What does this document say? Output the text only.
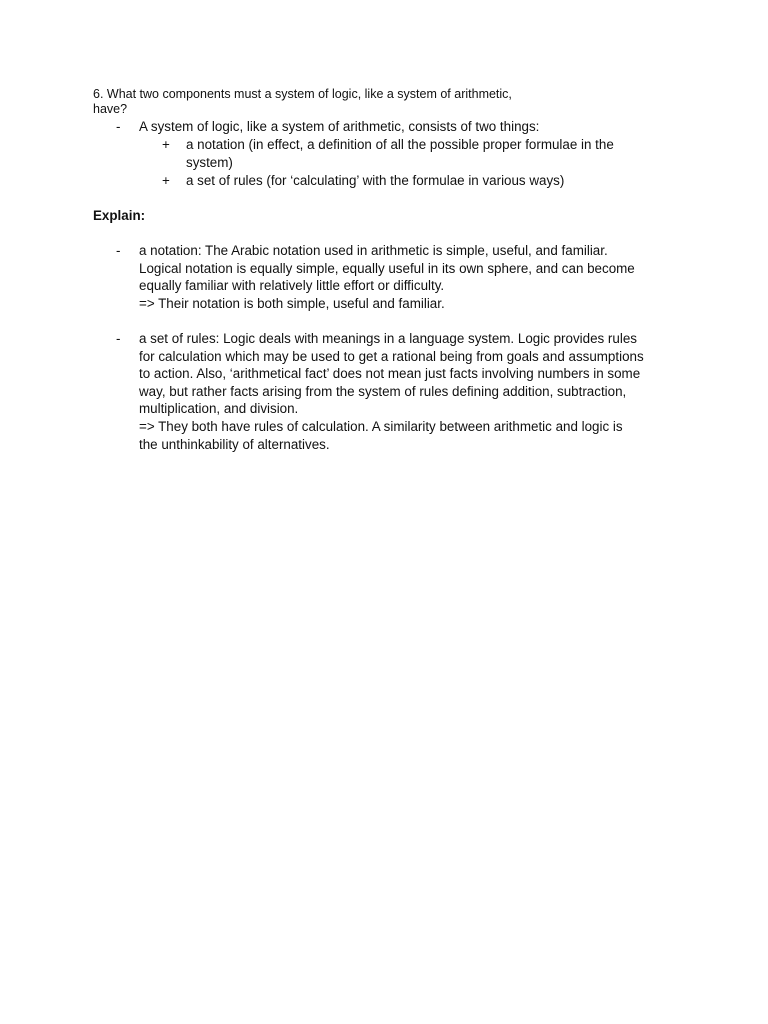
6. What two components must a system of logic, like a system of arithmetic,
have?
- A system of logic, like a system of arithmetic, consists of two things:
+ a notation (in effect, a definition of all the possible proper formulae in the
system)
+ a set of rules (for ‘calculating’ with the formulae in various ways)
Explain:
- a notation: The Arabic notation used in arithmetic is simple, useful, and familiar.
Logical notation is equally simple, equally useful in its own sphere, and can become
equally familiar with relatively little effort or difficulty.
=> Their notation is both simple, useful and familiar.
- a set of rules: Logic deals with meanings in a language system. Logic provides rules
for calculation which may be used to get a rational being from goals and assumptions
to action. Also, ‘arithmetical fact’ does not mean just facts involving numbers in some
way, but rather facts arising from the system of rules defining addition, subtraction,
multiplication, and division.
=> They both have rules of calculation. A similarity between arithmetic and logic is
the unthinkability of alternatives.
